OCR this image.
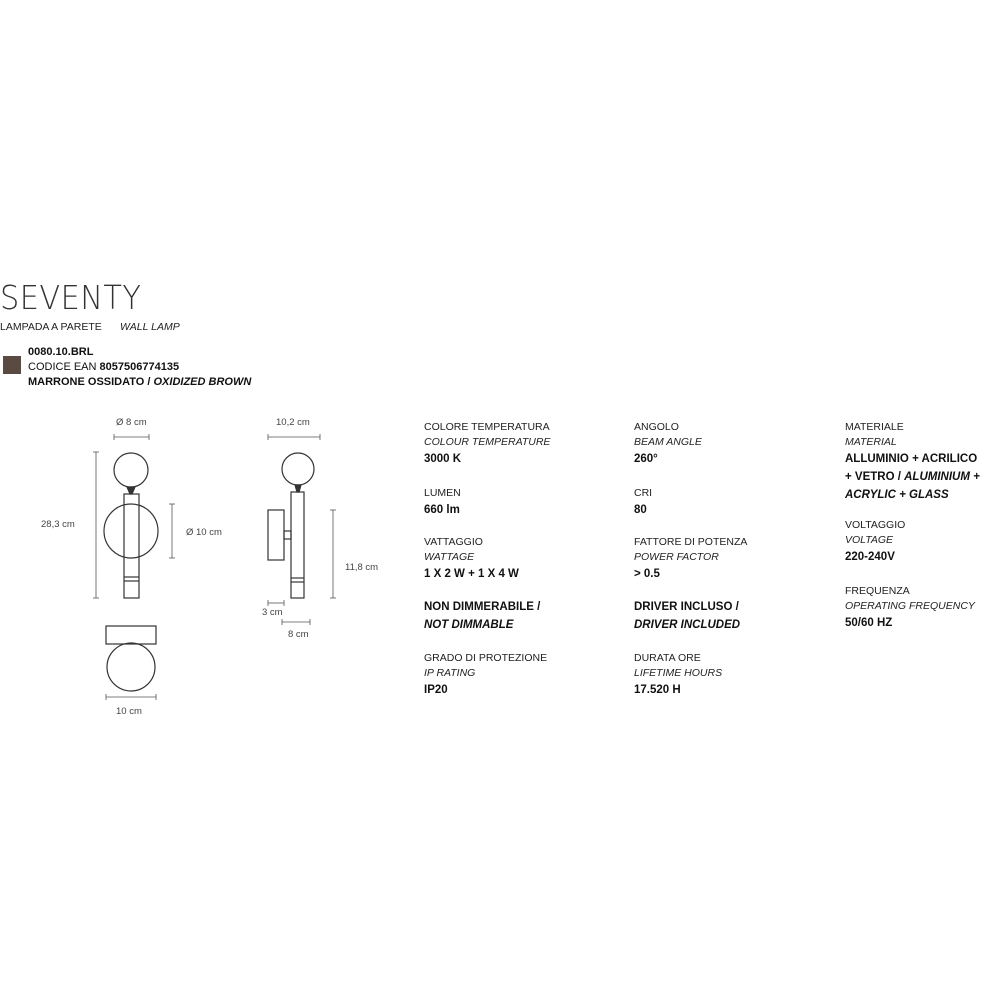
SEVENTY
LAMPADA A PARETE WALL LAMP
0080.10.BRL
CODICE EAN 8057506774135
MARRONE OSSIDATO / OXIDIZED BROWN
Ø 8 cm
28,3 cm
Ø 10 cm
10,2 cm
11,8 cm
3 cm
8 cm
10 cm
COLORE TEMPERATURA
COLOUR TEMPERATURE
3000 K
LUMEN
660 lm
VATTAGGIO
WATTAGE
1 X 2 W + 1 X 4 W
NON DIMMERABILE /
NOT DIMMABLE
GRADO DI PROTEZIONE
IP RATING
IP20
ANGOLO
BEAM ANGLE
260°
CRI
80
FATTORE DI POTENZA
POWER FACTOR
> 0.5
DRIVER INCLUSO /
DRIVER INCLUDED
DURATA ORE
LIFETIME HOURS
17.520 H
MATERIALE
MATERIAL
ALLUMINIO + ACRILICO
+ VETRO / ALUMINIUM +
ACRYLIC + GLASS
VOLTAGGIO
VOLTAGE
220-240V
FREQUENZA
OPERATING FREQUENCY
50/60 HZ
